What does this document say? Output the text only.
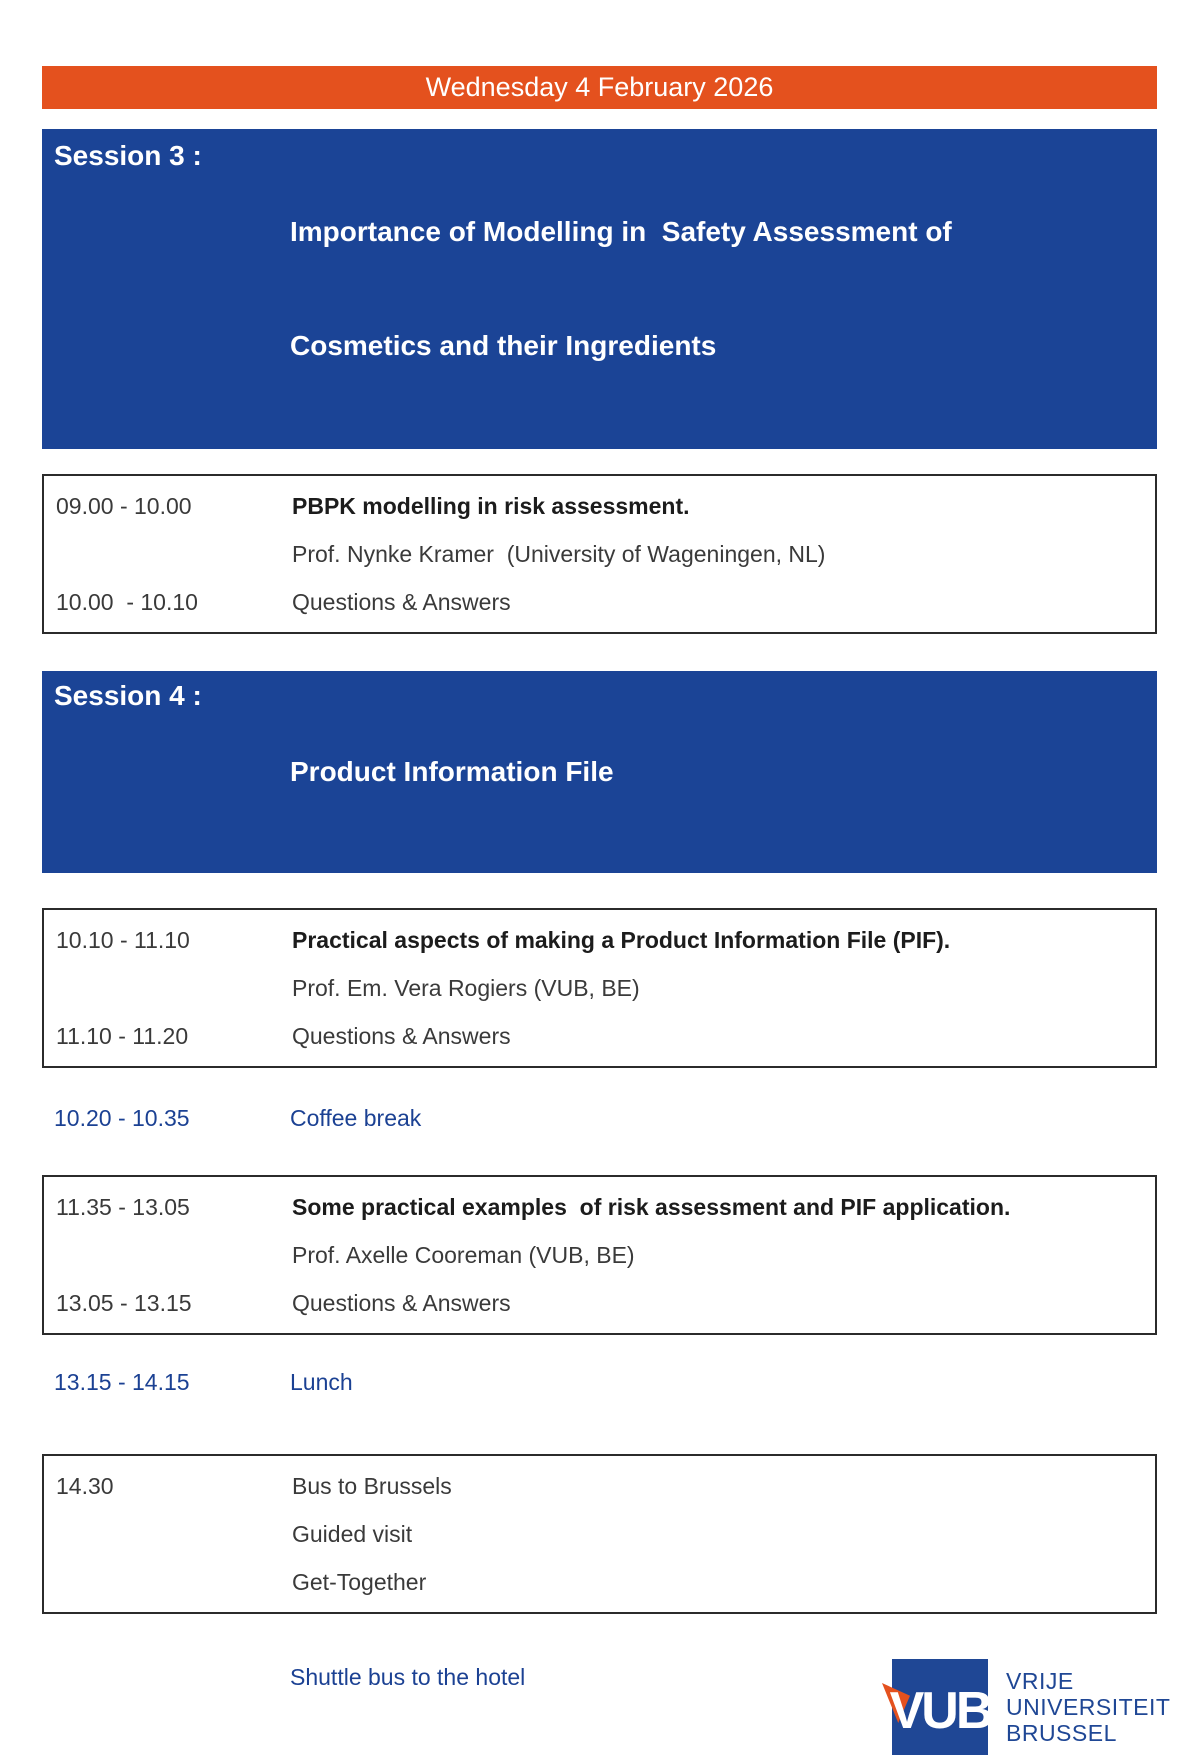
Wednesday 4 February 2026
Session 3 :

Importance of Modelling in  Safety Assessment of

Cosmetics and their Ingredients

09.00 - 10.00	PBPK modelling in risk assessment.
Prof. Nynke Kramer  (University of Wageningen, NL)
10.00  - 10.10	Questions & Answers
Session 4 :

Product Information File

10.10 - 11.10	Practical aspects of making a Product Information File (PIF).
Prof. Em. Vera Rogiers (VUB, BE)
11.10 - 11.20	Questions & Answers
10.20 - 10.35	Coffee break
11.35 - 13.05	Some practical examples  of risk assessment and PIF application.
Prof. Axelle Cooreman (VUB, BE)
13.05 - 13.15	Questions & Answers
13.15 - 14.15	Lunch
14.30	Bus to Brussels
Guided visit
Get-Together
Shuttle bus to the hotel
VUB
VRIJE
UNIVERSITEIT
BRUSSEL
